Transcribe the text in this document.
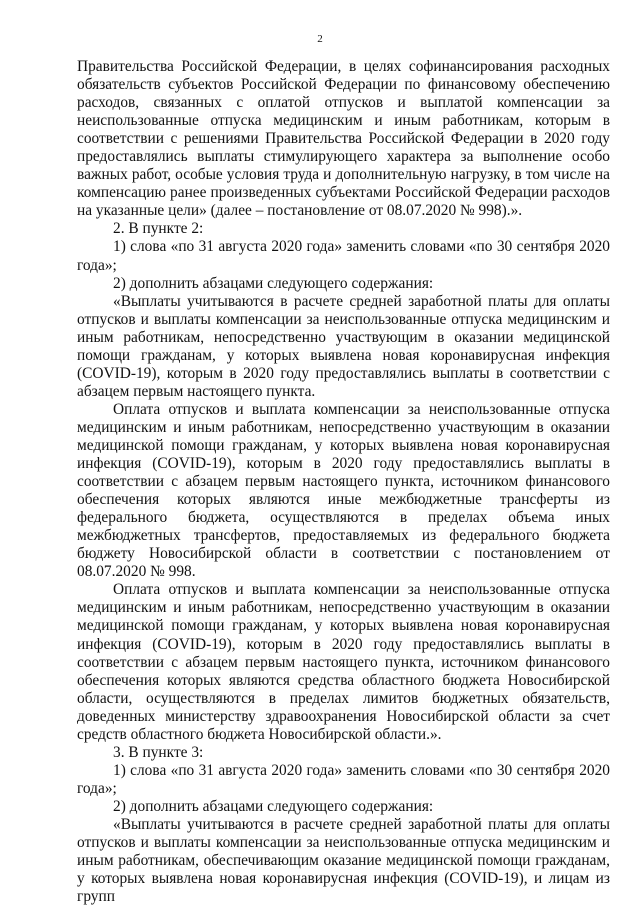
2

Правительства Российской Федерации, в целях софинансирования расходных обязательств субъектов Российской Федерации по финансовому обеспечению расходов, связанных с оплатой отпусков и выплатой компенсации за неиспользованные отпуска медицинским и иным работникам, которым в соответствии с решениями Правительства Российской Федерации в 2020 году предоставлялись выплаты стимулирующего характера за выполнение особо важных работ, особые условия труда и дополнительную нагрузку, в том числе на компенсацию ранее произведенных субъектами Российской Федерации расходов на указанные цели» (далее – постановление от 08.07.2020 № 998).».

2. В пункте 2:

1) слова «по 31 августа 2020 года» заменить словами «по 30 сентября 2020 года»;

2) дополнить абзацами следующего содержания:

«Выплаты учитываются в расчете средней заработной платы для оплаты отпусков и выплаты компенсации за неиспользованные отпуска медицинским и иным работникам, непосредственно участвующим в оказании медицинской помощи гражданам, у которых выявлена новая коронавирусная инфекция (COVID-19), которым в 2020 году предоставлялись выплаты в соответствии с абзацем первым настоящего пункта.

Оплата отпусков и выплата компенсации за неиспользованные отпуска медицинским и иным работникам, непосредственно участвующим в оказании медицинской помощи гражданам, у которых выявлена новая коронавирусная инфекция (COVID-19), которым в 2020 году предоставлялись выплаты в соответствии с абзацем первым настоящего пункта, источником финансового обеспечения которых являются иные межбюджетные трансферты из федерального бюджета, осуществляются в пределах объема иных межбюджетных трансфертов, предоставляемых из федерального бюджета бюджету Новосибирской области в соответствии с постановлением от 08.07.2020 № 998.

Оплата отпусков и выплата компенсации за неиспользованные отпуска медицинским и иным работникам, непосредственно участвующим в оказании медицинской помощи гражданам, у которых выявлена новая коронавирусная инфекция (COVID-19), которым в 2020 году предоставлялись выплаты в соответствии с абзацем первым настоящего пункта, источником финансового обеспечения которых являются средства областного бюджета Новосибирской области, осуществляются в пределах лимитов бюджетных обязательств, доведенных министерству здравоохранения Новосибирской области за счет средств областного бюджета Новосибирской области.».

3. В пункте 3:

1) слова «по 31 августа 2020 года» заменить словами «по 30 сентября 2020 года»;

2) дополнить абзацами следующего содержания:

«Выплаты учитываются в расчете средней заработной платы для оплаты отпусков и выплаты компенсации за неиспользованные отпуска медицинским и иным работникам, обеспечивающим оказание медицинской помощи гражданам, у которых выявлена новая коронавирусная инфекция (COVID-19), и лицам из групп
